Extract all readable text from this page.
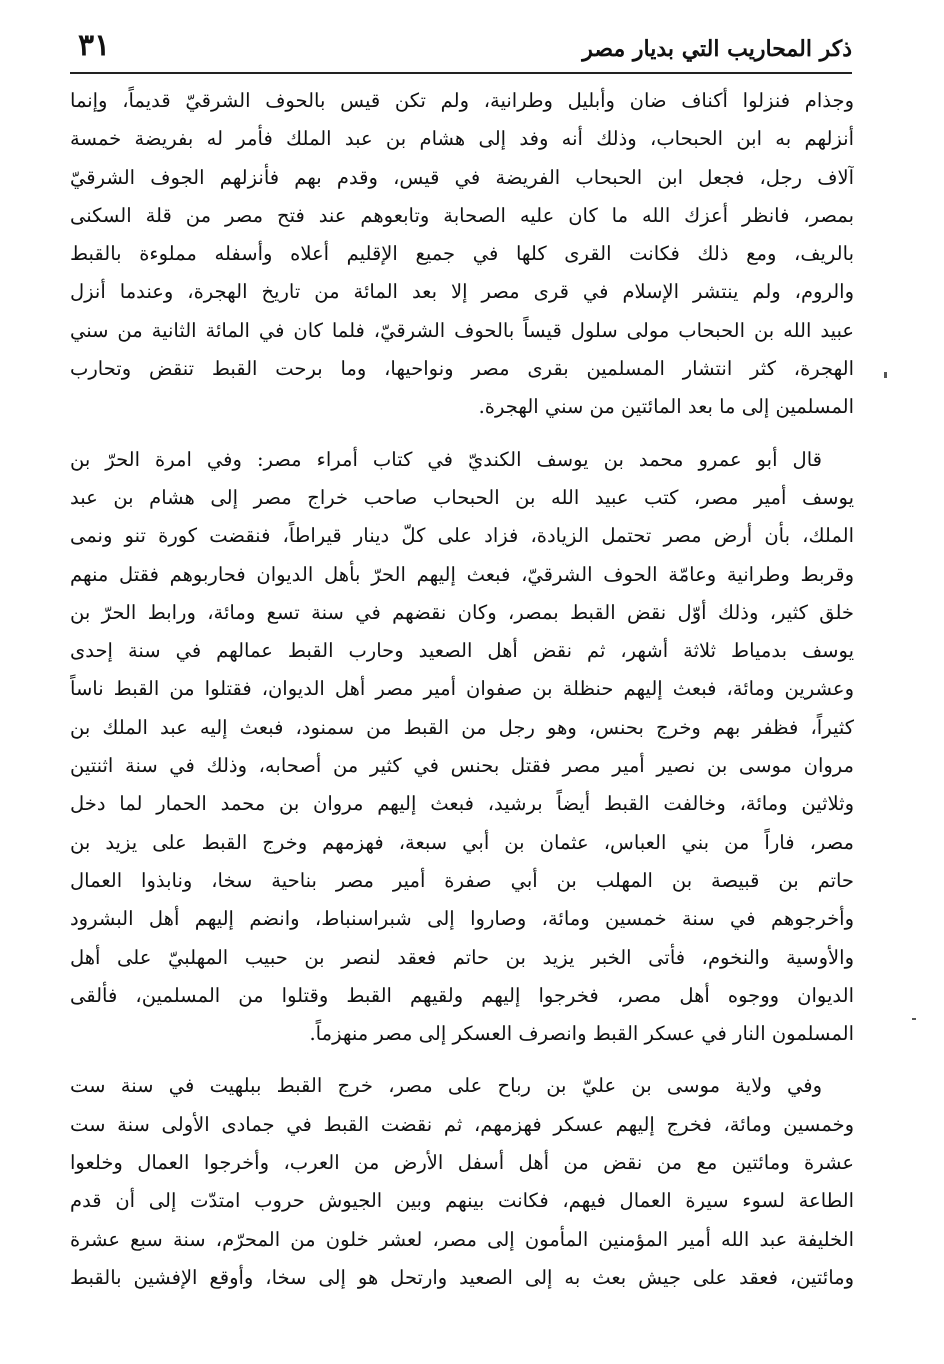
ذكر المحاريب التي بديار مصر
٣١
وجذام فنزلوا أكناف ضان وأبليل وطرانية، ولم تكن قيس بالحوف الشرقيّ قديماً، وإنما
أنزلهم به ابن الحبحاب، وذلك أنه وفد إلى هشام بن عبد الملك فأمر له بفريضة خمسة
آلاف رجل، فجعل ابن الحبحاب الفريضة في قيس، وقدم بهم فأنزلهم الجوف الشرقيّ
بمصر، فانظر أعزك الله ما كان عليه الصحابة وتابعوهم عند فتح مصر من قلة السكنى
بالريف، ومع ذلك فكانت القرى كلها في جميع الإقليم أعلاه وأسفله مملوءة بالقبط
والروم، ولم ينتشر الإسلام في قرى مصر إلا بعد المائة من تاريخ الهجرة، وعندما أنزل
عبيد الله بن الحبحاب مولى سلول قيساً بالحوف الشرقيّ، فلما كان في المائة الثانية من سني
الهجرة، كثر انتشار المسلمين بقرى مصر ونواحيها، وما برحت القبط تنقض وتحارب
المسلمين إلى ما بعد المائتين من سني الهجرة.
قال أبو عمرو محمد بن يوسف الكنديّ في كتاب أمراء مصر: وفي امرة الحرّ بن
يوسف أمير مصر، كتب عبيد الله بن الحبحاب صاحب خراج مصر إلى هشام بن عبد
الملك، بأن أرض مصر تحتمل الزيادة، فزاد على كلّ دينار قيراطاً، فنقضت كورة تنو ونمى
وقربط وطرانية وعامّة الحوف الشرقيّ، فبعث إليهم الحرّ بأهل الديوان فحاربوهم فقتل منهم
خلق كثير، وذلك أوّل نقض القبط بمصر، وكان نقضهم في سنة تسع ومائة، ورابط الحرّ بن
يوسف بدمياط ثلاثة أشهر، ثم نقض أهل الصعيد وحارب القبط عمالهم في سنة إحدى
وعشرين ومائة، فبعث إليهم حنظلة بن صفوان أمير مصر أهل الديوان، فقتلوا من القبط ناساً
كثيراً، فظفر بهم وخرج بحنس، وهو رجل من القبط من سمنود، فبعث إليه عبد الملك بن
مروان موسى بن نصير أمير مصر فقتل بحنس في كثير من أصحابه، وذلك في سنة اثنتين
وثلاثين ومائة، وخالفت القبط أيضاً برشيد، فبعث إليهم مروان بن محمد الحمار لما دخل
مصر، فاراً من بني العباس، عثمان بن أبي سبعة، فهزمهم وخرج القبط على يزيد بن
حاتم بن قبيصة بن المهلب بن أبي صفرة أمير مصر بناحية سخا، ونابذوا العمال
وأخرجوهم في سنة خمسين ومائة، وصاروا إلى شبراسنباط، وانضم إليهم أهل البشرود
والأوسية والنخوم، فأتى الخبر يزيد بن حاتم فعقد لنصر بن حبيب المهلبيّ على أهل
الديوان ووجوه أهل مصر، فخرجوا إليهم ولقيهم القبط وقتلوا من المسلمين، فألقى
المسلمون النار في عسكر القبط وانصرف العسكر إلى مصر منهزماً.
وفي ولاية موسى بن عليّ بن رباح على مصر، خرج القبط ببلهيت في سنة ست
وخمسين ومائة، فخرج إليهم عسكر فهزمهم، ثم نقضت القبط في جمادى الأولى سنة ست
عشرة ومائتين مع من نقض من أهل أسفل الأرض من العرب، وأخرجوا العمال وخلعوا
الطاعة لسوء سيرة العمال فيهم، فكانت بينهم وبين الجيوش حروب امتدّت إلى أن قدم
الخليفة عبد الله أمير المؤمنين المأمون إلى مصر، لعشر خلون من المحرّم، سنة سبع عشرة
ومائتين، فعقد على جيش بعث به إلى الصعيد وارتحل هو إلى سخا، وأوقع الإفشين بالقبط
